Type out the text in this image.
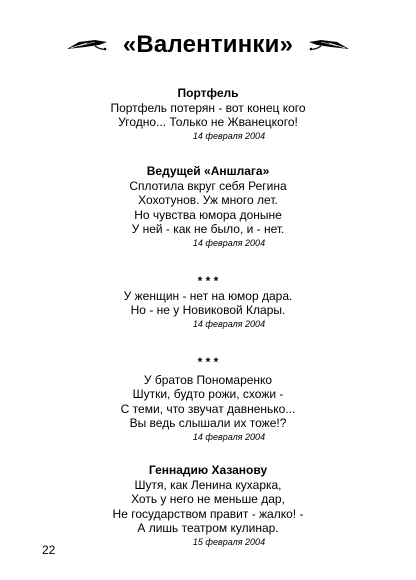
«Валентинки»
Портфель
Портфель потерян - вот конец кого
Угодно... Только не Жванецкого!
14 февраля 2004
Ведущей «Аншлага»
Сплотила вкруг себя Регина
Хохотунов. Уж много лет.
Но чувства юмора доныне
У ней - как не было, и - нет.
14 февраля 2004
* * *
У женщин - нет на юмор дара.
Но - не у Новиковой Клары.
14 февраля 2004
* * *
У братов Пономаренко
Шутки, будто рожи, схожи -
С теми, что звучат давненько...
Вы ведь слышали их тоже!?
14 февраля 2004
Геннадию Хазанову
Шутя, как Ленина кухарка,
Хоть у него не меньше дар,
Не государством правит - жалко! -
А лишь театром кулинар.
15 февраля 2004
22
